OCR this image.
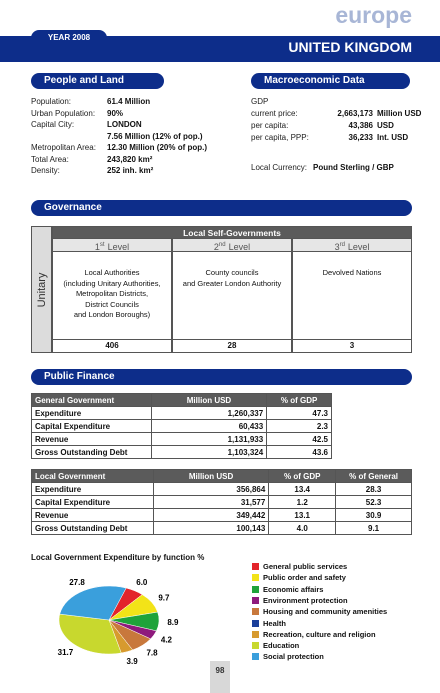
europe
YEAR 2008
UNITED KINGDOM
People and Land
Population:	61.4 Million
Urban Population: 90%
Capital City:	LONDON
7.56 Million (12% of pop.)
Metropolitan Area: 12.30 Million (20% of pop.)
Total Area:	243,820 km²
Density:	252 inh. km²
Macroeconomic Data
GDP
current price:	2,663,173 Million USD
per capita:	43,386 USD
per capita, PPP:	36,233 Int. USD
Local Currency: Pound Sterling / GBP
Governance
Unitary
Local Self-Governments
1st Level
Local Authorities
(including Unitary Authorities,
Metropolitan Districts,
District Councils
and London Boroughs)
406
2nd Level
County councils
and Greater London Authority
28
3rd Level
Devolved Nations
3
Public Finance
General Government	Million USD	% of GDP
Expenditure	1,260,337	47.3
Capital Expenditure	60,433	2.3
Revenue	1,131,933	42.5
Gross Outstanding Debt	1,103,324	43.6
Local Government	Million USD	% of GDP	% of General
Expenditure	356,864	13.4	28.3
Capital Expenditure	31,577	1.2	52.3
Revenue	349,442	13.1	30.9
Gross Outstanding Debt	100,143	4.0	9.1
Local Government Expenditure by function %
6.0
9.7
8.9
4.2
7.8
3.9
31.7
27.8
General public services
Public order and safety
Economic affairs
Environment protection
Housing and community amenities
Health
Recreation, culture and religion
Education
Social protection
98
